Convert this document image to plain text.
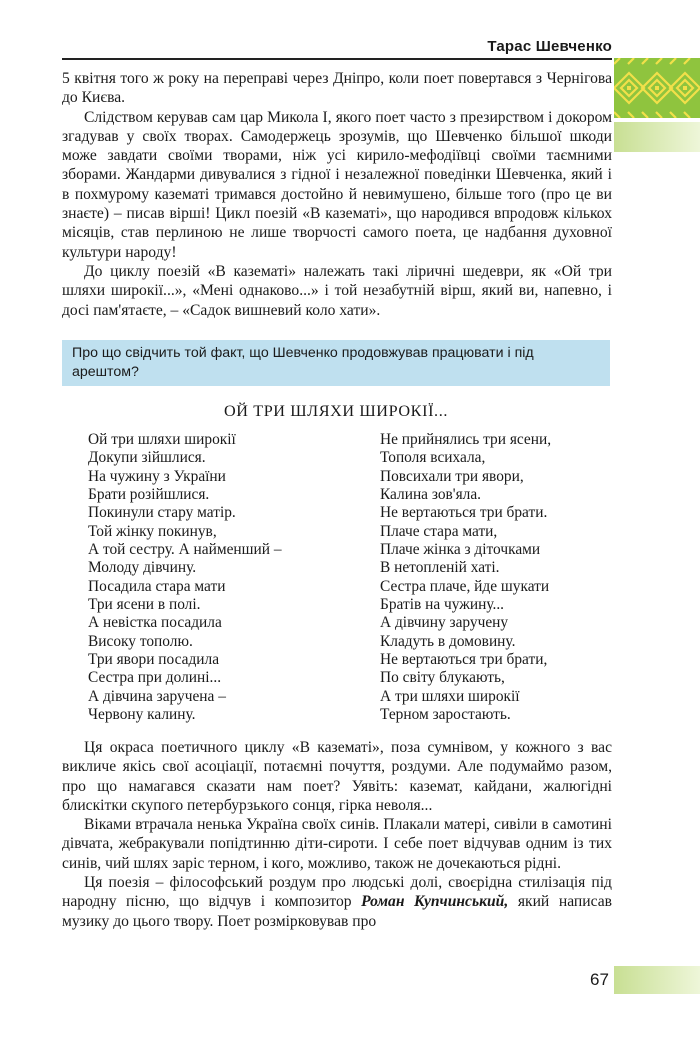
Тарас Шевченко

5 квітня того ж року на переправі через Дніпро, коли поет повертався з Чернігова до Києва.

Слідством керував сам цар Микола I, якого поет часто з презирством і докором згадував у своїх творах. Самодержець зрозумів, що Шевченко більшої шкоди може завдати своїми творами, ніж усі кирило-мефодіївці своїми таємними зборами. Жандарми дивувалися з гідної і незалежної поведінки Шевченка, який і в похмурому казематі тримався достойно й невимушено, більше того (про це ви знаєте) – писав вірші! Цикл поезій «В казематі», що народився впродовж кількох місяців, став перлиною не лише творчості самого поета, це надбання духовної культури народу!

До циклу поезій «В казематі» належать такі ліричні шедеври, як «Ой три шляхи широкії...», «Мені однаково...» і той незабутній вірш, який ви, напевно, і досі пам'ятаєте, – «Садок вишневий коло хати».

Про що свідчить той факт, що Шевченко продовжував працювати і під арештом?
ОЙ ТРИ ШЛЯХИ ШИРОКІЇ...
Ой три шляхи широкії
Докупи зійшлися.
На чужину з України
Брати розійшлися.
Покинули стару матір.
Той жінку покинув,
А той сестру. А найменший –
Молоду дівчину.
Посадила стара мати
Три ясени в полі.
А невістка посадила
Високу тополю.
Три явори посадила
Сестра при долині...
А дівчина заручена –
Червону калину.
Не прийнялись три ясени,
Тополя всихала,
Повсихали три явори,
Калина зов'яла.
Не вертаються три брати.
Плаче стара мати,
Плаче жінка з діточками
В нетопленій хаті.
Сестра плаче, йде шукати
Братів на чужину...
А дівчину заручену
Кладуть в домовину.
Не вертаються три брати,
По світу блукають,
А три шляхи широкії
Терном заростають.

Ця окраса поетичного циклу «В казематі», поза сумнівом, у кожного з вас викличе якісь свої асоціації, потаємні почуття, роздуми. Але подумаймо разом, про що намагався сказати нам поет? Уявіть: каземат, кайдани, жалюгідні блискітки скупого петербурзького сонця, гірка неволя...

Віками втрачала ненька Україна своїх синів. Плакали матері, сивіли в самотині дівчата, жебракували попідтинню діти-сироти. І себе поет відчував одним із тих синів, чий шлях заріс терном, і кого, можливо, також не дочекаються рідні.

Ця поезія – філософський роздум про людські долі, своєрідна стилізація під народну пісню, що відчув і композитор Роман Купчинський, який написав музику до цього твору. Поет розмірковував про

67
